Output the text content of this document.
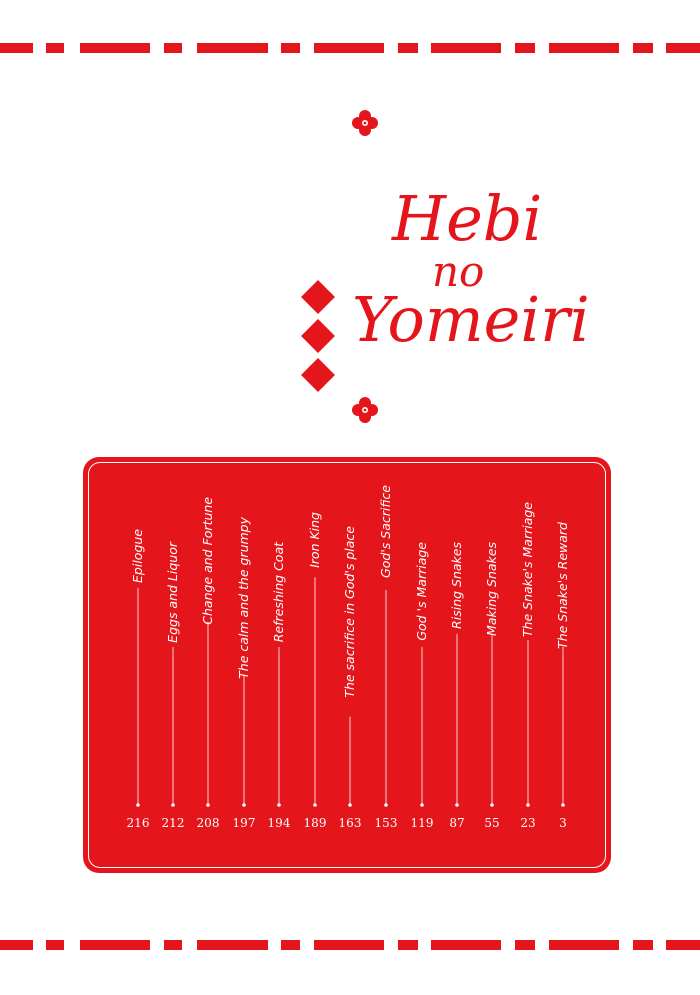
Hebi
no
Yomeiri
Epilogue
216
Eggs and Liquor
212
Change and Fortune
208
The calm and the grumpy
197
Refreshing Coat
194
Iron King
189
The sacrifice in God's place
163
God's Sacrifice
153
God 's Marriage
119
Rising Snakes
87
Making Snakes
55
The Snake's Marriage
23
The Snake's Reward
3
